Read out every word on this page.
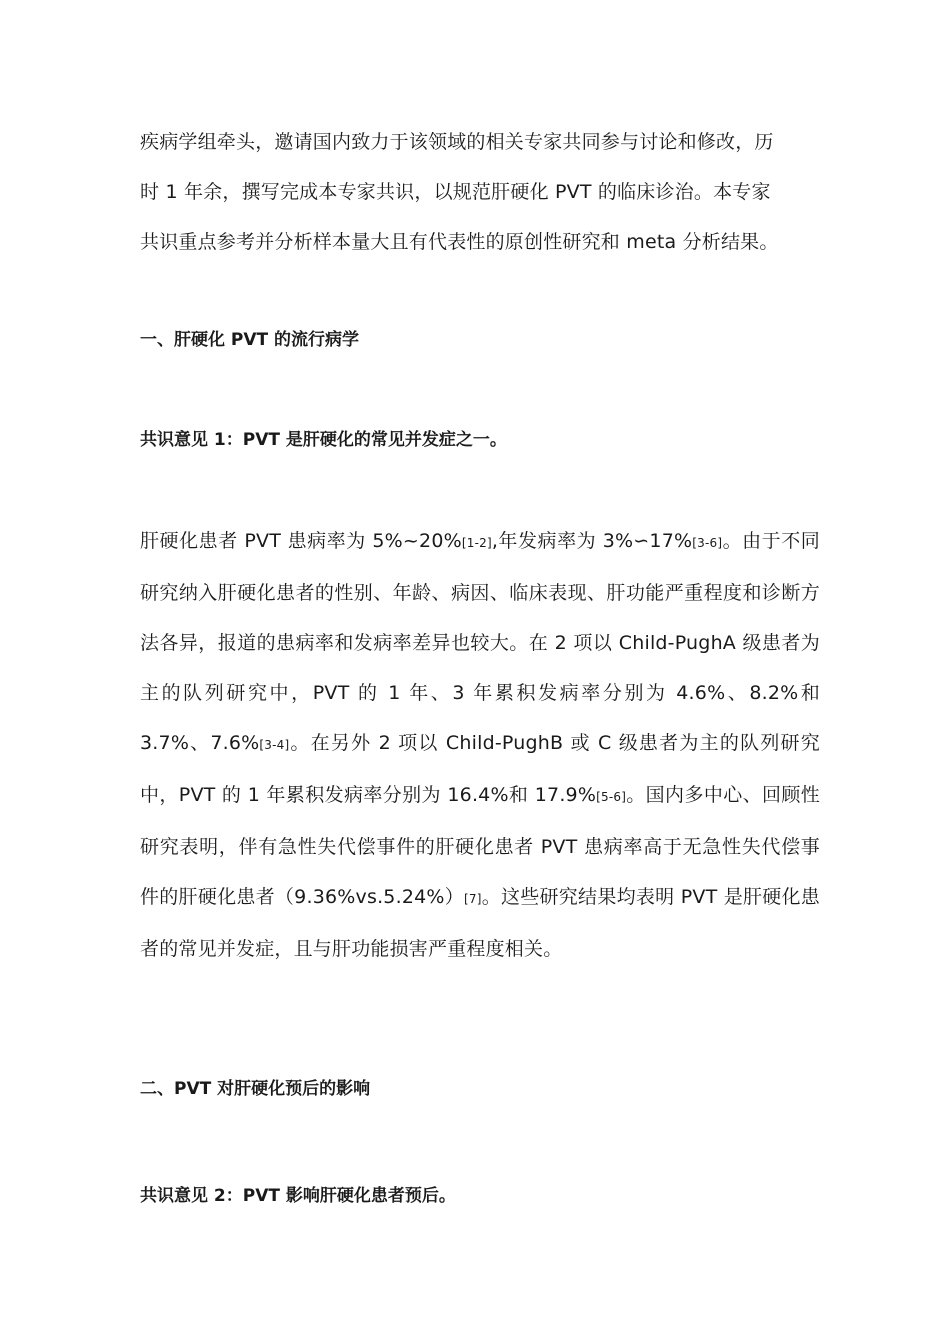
疾病学组牵头，邀请国内致力于该领域的相关专家共同参与讨论和修改，历
时 1 年余，撰写完成本专家共识，以规范肝硬化 PVT 的临床诊治。本专家
共识重点参考并分析样本量大且有代表性的原创性研究和 meta 分析结果。
一、肝硬化 PVT 的流行病学
共识意见 1：PVT 是肝硬化的常见并发症之一。
肝硬化患者 PVT 患病率为 5%~20%[1-2],年发病率为 3%∽17%[3-6]。由于不同研究纳入肝硬化患者的性别、年龄、病因、临床表现、肝功能严重程度和诊断方法各异，报道的患病率和发病率差异也较大。在 2 项以 Child-PughA 级患者为主的队列研究中，PVT 的 1 年、3 年累积发病率分别为 4.6%、8.2%和 3.7%、7.6%[3-4]。在另外 2 项以 Child-PughB 或 C 级患者为主的队列研究中，PVT 的 1 年累积发病率分别为 16.4%和 17.9%[5-6]。国内多中心、回顾性研究表明，伴有急性失代偿事件的肝硬化患者 PVT 患病率高于无急性失代偿事件的肝硬化患者（9.36%vs.5.24%）[7]。这些研究结果均表明 PVT 是肝硬化患者的常见并发症，且与肝功能损害严重程度相关。
二、PVT 对肝硬化预后的影响
共识意见 2：PVT 影响肝硬化患者预后。
